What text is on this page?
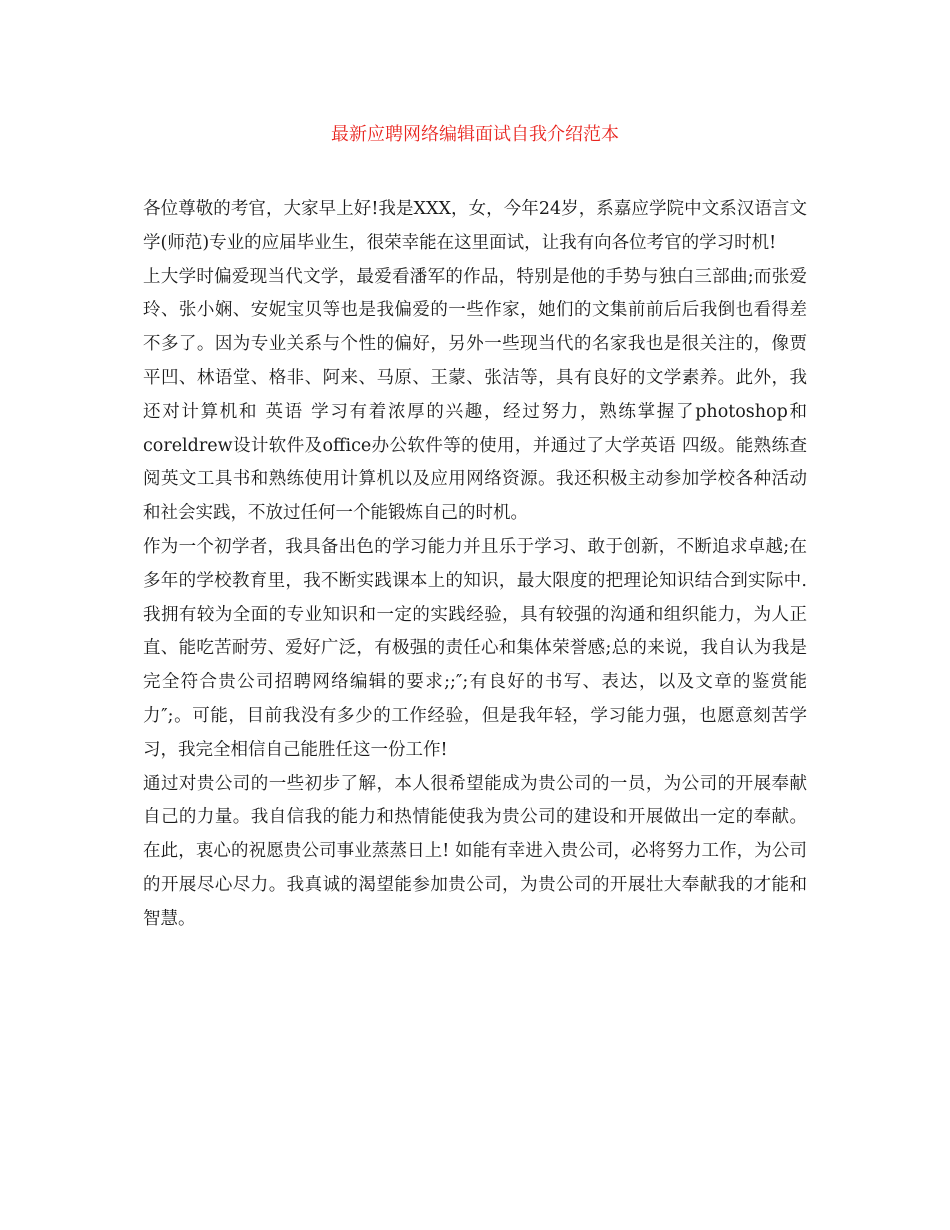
最新应聘网络编辑面试自我介绍范本

各位尊敬的考官，大家早上好!我是XXX，女，今年24岁，系嘉应学院中文系汉语言文学(师范)专业的应届毕业生，很荣幸能在这里面试，让我有向各位考官的学习时机!

上大学时偏爱现当代文学，最爱看潘军的作品，特别是他的手势与独白三部曲;而张爱玲、张小娴、安妮宝贝等也是我偏爱的一些作家，她们的文集前前后后我倒也看得差不多了。因为专业关系与个性的偏好，另外一些现当代的名家我也是很关注的，像贾平凹、林语堂、格非、阿来、马原、王蒙、张洁等，具有良好的文学素养。此外，我还对计算机和 英语 学习有着浓厚的兴趣，经过努力，熟练掌握了photoshop和coreldrew设计软件及office办公软件等的使用，并通过了大学英语 四级。能熟练查阅英文工具书和熟练使用计算机以及应用网络资源。我还积极主动参加学校各种活动和社会实践，不放过任何一个能锻炼自己的时机。

作为一个初学者，我具备出色的学习能力并且乐于学习、敢于创新，不断追求卓越;在多年的学校教育里，我不断实践课本上的知识，最大限度的把理论知识结合到实际中.我拥有较为全面的专业知识和一定的实践经验，具有较强的沟通和组织能力，为人正直、能吃苦耐劳、爱好广泛，有极强的责任心和集体荣誉感;总的来说，我自认为我是完全符合贵公司招聘网络编辑的要求;;″;有良好的书写、表达，以及文章的鉴赏能力″;。可能，目前我没有多少的工作经验，但是我年轻，学习能力强，也愿意刻苦学习，我完全相信自己能胜任这一份工作!

通过对贵公司的一些初步了解，本人很希望能成为贵公司的一员，为公司的开展奉献自己的力量。我自信我的能力和热情能使我为贵公司的建设和开展做出一定的奉献。在此，衷心的祝愿贵公司事业蒸蒸日上! 如能有幸进入贵公司，必将努力工作，为公司的开展尽心尽力。我真诚的渴望能参加贵公司，为贵公司的开展壮大奉献我的才能和智慧。
